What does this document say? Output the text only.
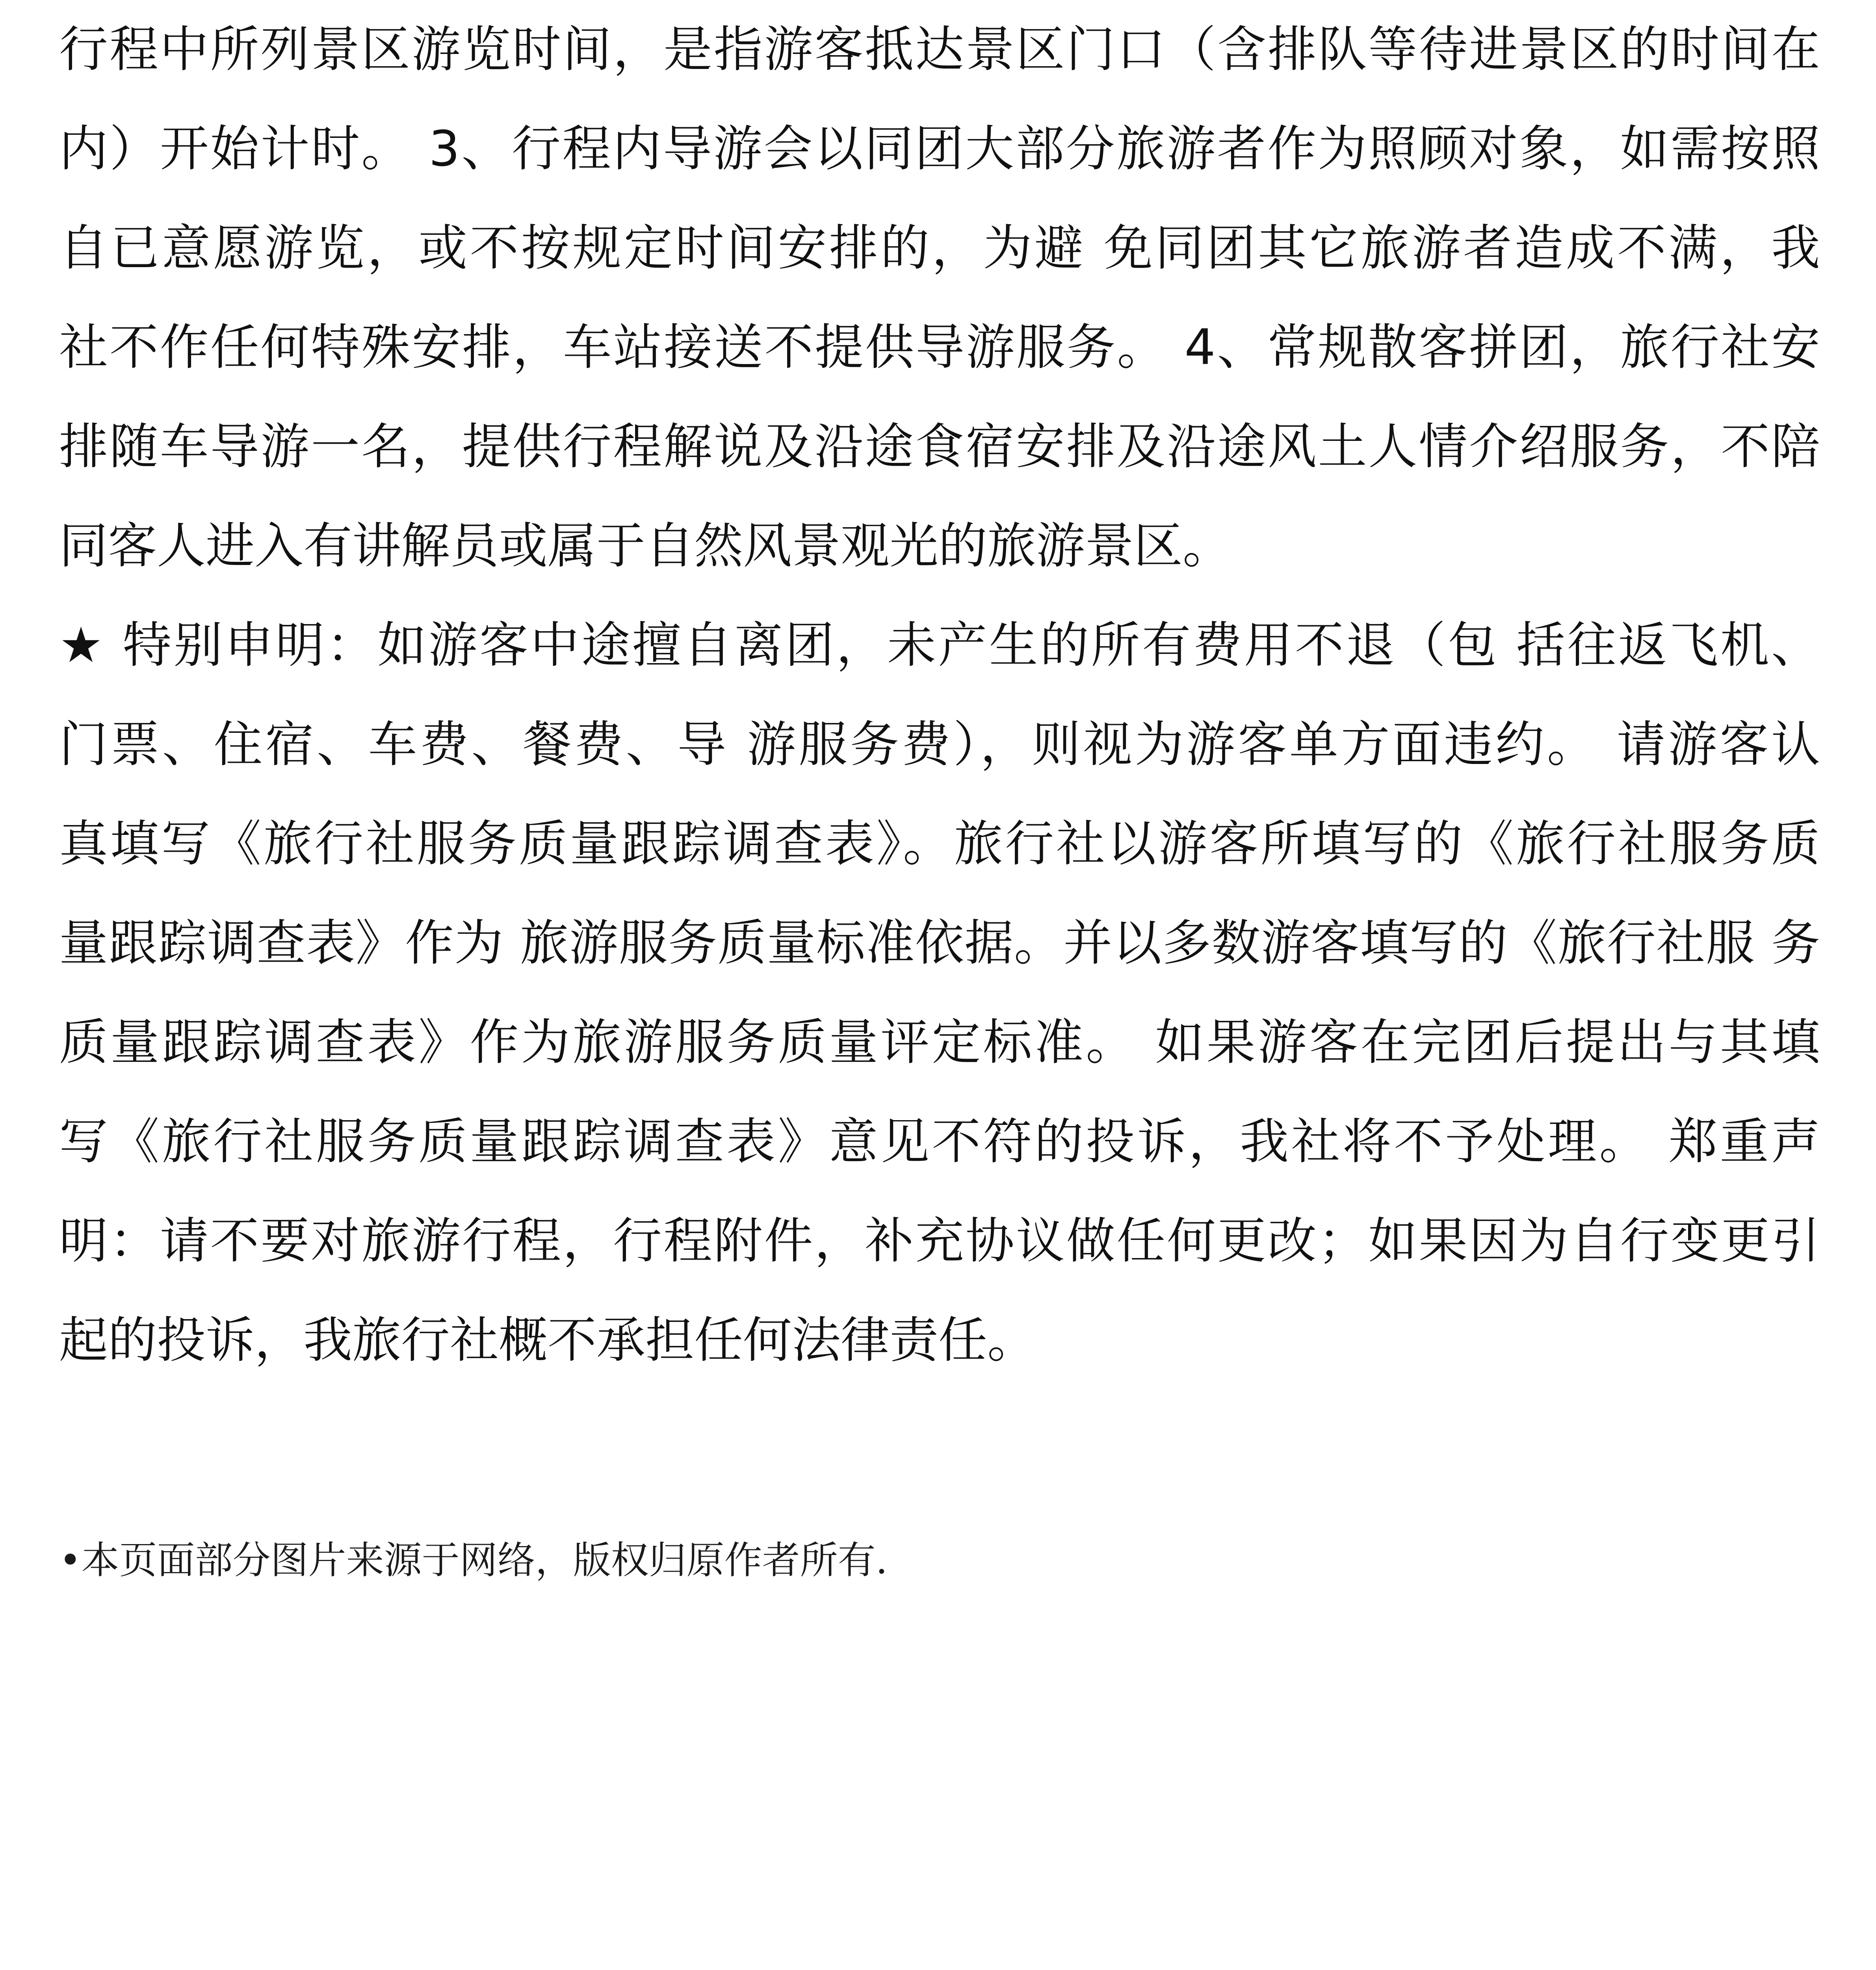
行程中所列景区游览时间，是指游客抵达景区门口（含排队等待进景区的时间在
内）开始计时。 3、行程内导游会以同团大部分旅游者作为照顾对象，如需按照
自已意愿游览，或不按规定时间安排的，为避 免同团其它旅游者造成不满，我
社不作任何特殊安排，车站接送不提供导游服务。 4、常规散客拼团，旅行社安
排随车导游一名，提供行程解说及沿途食宿安排及沿途风土人情介绍服务，不陪
同客人进入有讲解员或属于自然风景观光的旅游景区。
★ 特别申明：如游客中途擅自离团，未产生的所有费用不退（包 括往返飞机、
门票、住宿、车费、餐费、导 游服务费），则视为游客单方面违约。 请游客认
真填写《旅行社服务质量跟踪调查表》。旅行社以游客所填写的《旅行社服务质
量跟踪调查表》作为 旅游服务质量标准依据。并以多数游客填写的《旅行社服 务
质量跟踪调查表》作为旅游服务质量评定标准。 如果游客在完团后提出与其填
写《旅行社服务质量跟踪调查表》意见不符的投诉，我社将不予处理。 郑重声
明：请不要对旅游行程，行程附件，补充协议做任何更改；如果因为自行变更引
起的投诉，我旅行社概不承担任何法律责任。
•本页面部分图片来源于网络，版权归原作者所有.
